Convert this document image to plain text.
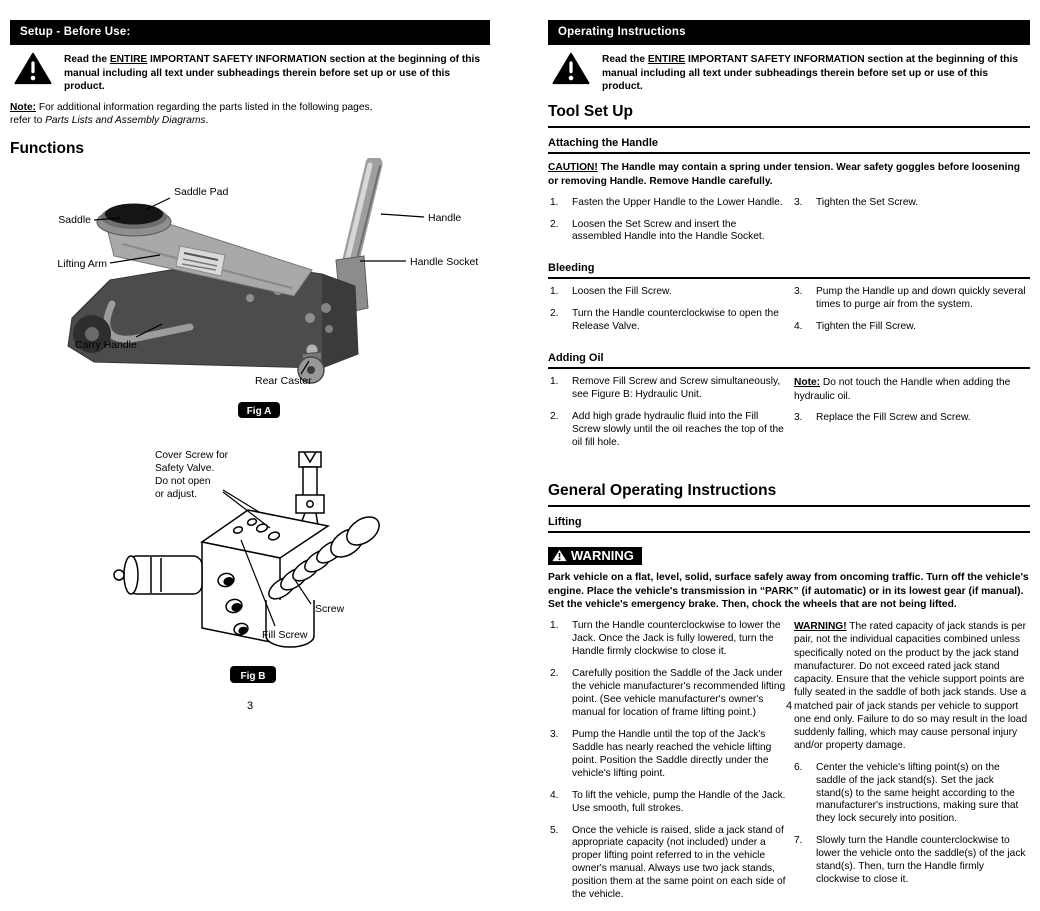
Setup - Before Use:
Read the ENTIRE IMPORTANT SAFETY INFORMATION section at the beginning of this manual including all text under subheadings therein before set up or use of this product.

Note: For additional information regarding the parts listed in the following pages, refer to Parts Lists and Assembly Diagrams.

Functions
Saddle Pad
Saddle	Handle
Handle Socket
Lifting Arm
Carry Handle
Rear Caster
Fig A
Cover Screw for
Safety Valve.
Do not open
or adjust.
Screw
Fill Screw
Fig B
3
Operating Instructions
Read the ENTIRE IMPORTANT SAFETY INFORMATION section at the beginning of this manual including all text under subheadings therein before set up or use of this product.
Tool Set Up
Attaching the Handle

CAUTION! The Handle may contain a spring under tension. Wear safety goggles before loosening or removing Handle. Remove Handle carefully.

1.	Fasten the Upper Handle to the Lower Handle.
2.	Loosen the Set Screw and insert the assembled Handle into the Handle Socket.
3.	Tighten the Set Screw.
Bleeding
1.	Loosen the Fill Screw.
2.	Turn the Handle counterclockwise to open the Release Valve.
3.	Pump the Handle up and down quickly several times to purge air from the system.
4.	Tighten the Fill Screw.
Adding Oil
1.	Remove Fill Screw and Screw simultaneously, see Figure B: Hydraulic Unit.
2.	Add high grade hydraulic fluid into the Fill Screw slowly until the oil reaches the top of the oil fill hole.

Note: Do not touch the Handle when adding the hydraulic oil.

3.	Replace the Fill Screw and Screw.
General Operating Instructions
Lifting
WARNING

Park vehicle on a flat, level, solid, surface safely away from oncoming traffic. Turn off the vehicle's engine. Place the vehicle's transmission in “PARK” (if automatic) or in its lowest gear (if manual). Set the vehicle's emergency brake. Then, chock the wheels that are not being lifted.

1.	Turn the Handle counterclockwise to lower the Jack. Once the Jack is fully lowered, turn the Handle firmly clockwise to close it.
2.	Carefully position the Saddle of the Jack under the vehicle manufacturer's recommended lifting point. (See vehicle manufacturer's owner's manual for location of frame lifting point.)
3.	Pump the Handle until the top of the Jack's Saddle has nearly reached the vehicle lifting point. Position the Saddle directly under the vehicle's lifting point.
4.	To lift the vehicle, pump the Handle of the Jack. Use smooth, full strokes.
5.	Once the vehicle is raised, slide a jack stand of appropriate capacity (not included) under a proper lifting point referred to in the vehicle owner's manual. Always use two jack stands, position them at the same point on each side of the vehicle.

WARNING! The rated capacity of jack stands is per pair, not the individual capacities combined unless specifically noted on the product by the jack stand manufacturer. Do not exceed rated jack stand capacity. Ensure that the vehicle support points are fully seated in the saddle of both jack stands. Use a matched pair of jack stands per vehicle to support one end only. Failure to do so may result in the load suddenly falling, which may cause personal injury and/or property damage.

6.	Center the vehicle's lifting point(s) on the saddle of the jack stand(s). Set the jack stand(s) to the same height according to the manufacturer's instructions, making sure that they lock securely into position.
7.	Slowly turn the Handle counterclockwise to lower the vehicle onto the saddle(s) of the jack stand(s). Then, turn the Handle firmly clockwise to close it.
4
